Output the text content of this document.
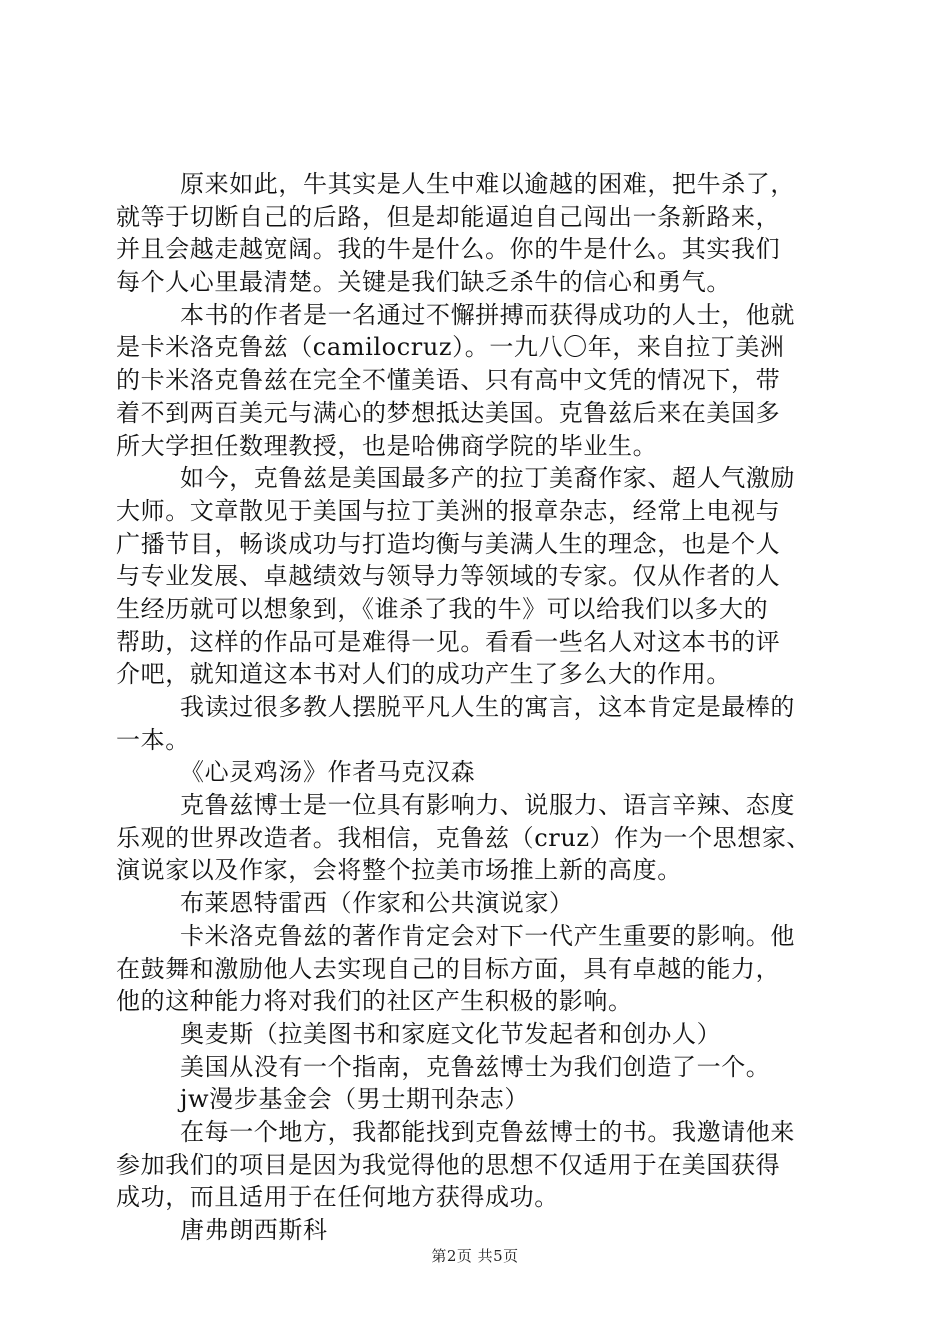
原来如此，牛其实是人生中难以逾越的困难，把牛杀了，
就等于切断自己的后路，但是却能逼迫自己闯出一条新路来，
并且会越走越宽阔。我的牛是什么。你的牛是什么。其实我们
每个人心里最清楚。关键是我们缺乏杀牛的信心和勇气。
本书的作者是一名通过不懈拼搏而获得成功的人士，他就
是卡米洛克鲁兹（camilocruz）。一九八〇年，来自拉丁美洲
的卡米洛克鲁兹在完全不懂美语、只有高中文凭的情况下，带
着不到两百美元与满心的梦想抵达美国。克鲁兹后来在美国多
所大学担任数理教授，也是哈佛商学院的毕业生。
如今，克鲁兹是美国最多产的拉丁美裔作家、超人气激励
大师。文章散见于美国与拉丁美洲的报章杂志，经常上电视与
广播节目，畅谈成功与打造均衡与美满人生的理念，也是个人
与专业发展、卓越绩效与领导力等领域的专家。仅从作者的人
生经历就可以想象到，《谁杀了我的牛》可以给我们以多大的
帮助，这样的作品可是难得一见。看看一些名人对这本书的评
介吧，就知道这本书对人们的成功产生了多么大的作用。
我读过很多教人摆脱平凡人生的寓言，这本肯定是最棒的
一本。
《心灵鸡汤》作者马克汉森
克鲁兹博士是一位具有影响力、说服力、语言辛辣、态度
乐观的世界改造者。我相信，克鲁兹（cruz）作为一个思想家、
演说家以及作家，会将整个拉美市场推上新的高度。
布莱恩特雷西（作家和公共演说家）
卡米洛克鲁兹的著作肯定会对下一代产生重要的影响。他
在鼓舞和激励他人去实现自己的目标方面，具有卓越的能力，
他的这种能力将对我们的社区产生积极的影响。
奥麦斯（拉美图书和家庭文化节发起者和创办人）
美国从没有一个指南，克鲁兹博士为我们创造了一个。
jw漫步基金会（男士期刊杂志）
在每一个地方，我都能找到克鲁兹博士的书。我邀请他来
参加我们的项目是因为我觉得他的思想不仅适用于在美国获得
成功，而且适用于在任何地方获得成功。
唐弗朗西斯科
第2页 共5页
